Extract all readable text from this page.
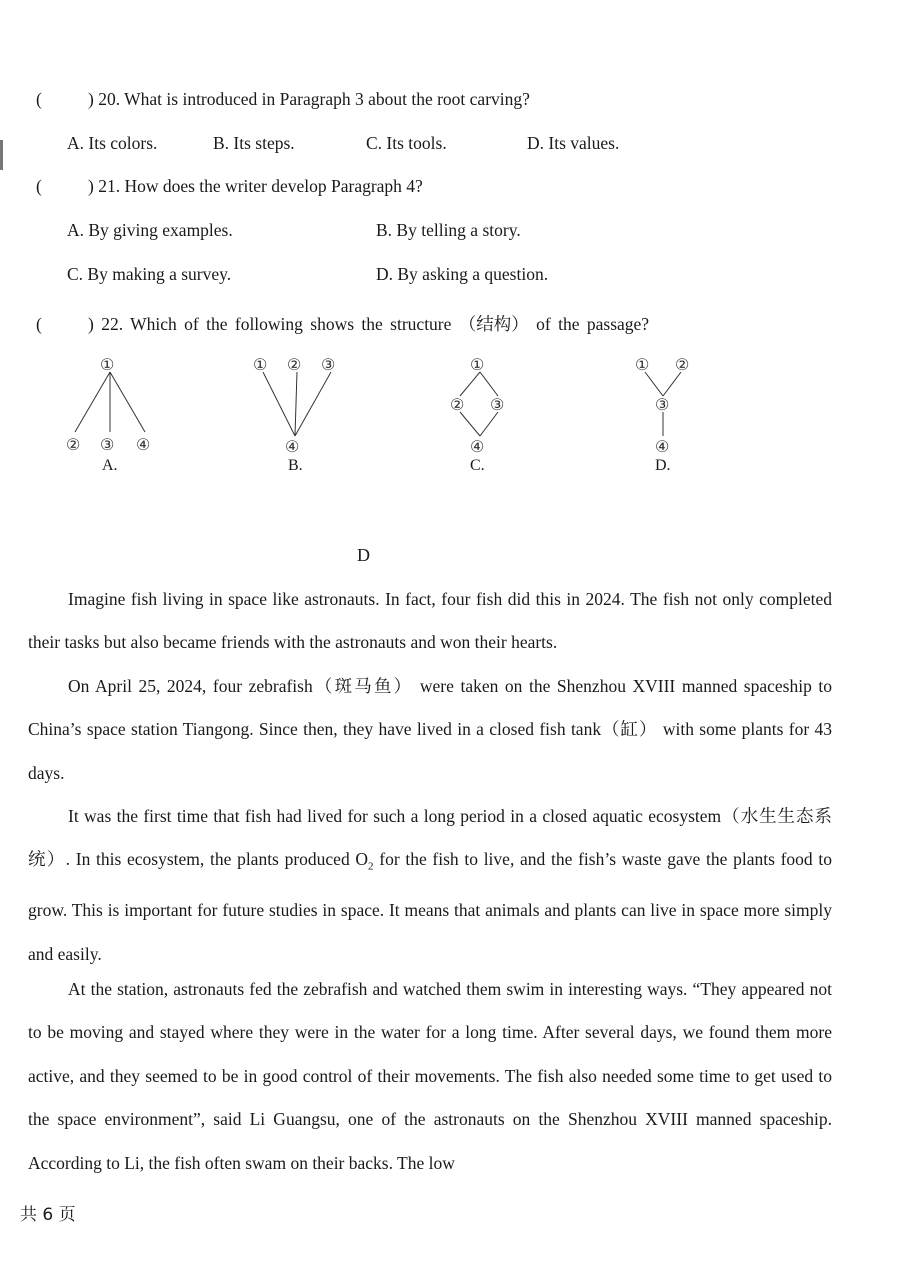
(	) 20. What is introduced in Paragraph 3 about the root carving?
A. Its colors.	B. Its steps.	C. Its tools.	D. Its values.
(	) 21. How does the writer develop Paragraph 4?
A. By giving examples.	B. By telling a story.
C. By making a survey.	D. By asking a question.
(	) 22. Which of the following shows the structure （结构） of the passage?
①
② ③ ④
A.
① ② ③
④
B.
①
② ③
④
C.
① ②
③
④
D.
D
Imagine fish living in space like astronauts. In fact, four fish did this in 2024. The fish not only completed their tasks but also became friends with the astronauts and won their hearts.
On April 25, 2024, four zebrafish（斑马鱼） were taken on the Shenzhou XVIII manned spaceship to China’s space station Tiangong. Since then, they have lived in a closed fish tank（缸） with some plants for 43 days.
It was the first time that fish had lived for such a long period in a closed aquatic ecosystem（水生生态系统）. In this ecosystem, the plants produced $O_2$ for the fish to live, and the fish’s waste gave the plants food to grow. This is important for future studies in space. It means that animals and plants can live in space more simply and easily.
At the station, astronauts fed the zebrafish and watched them swim in interesting ways. “They appeared not to be moving and stayed where they were in the water for a long time. After several days, we found them more active, and they seemed to be in good control of their movements. The fish also needed some time to get used to the space environment”, said Li Guangsu, one of the astronauts on the Shenzhou XVIII manned spaceship. According to Li, the fish often swam on their backs. The low
共 6 页
